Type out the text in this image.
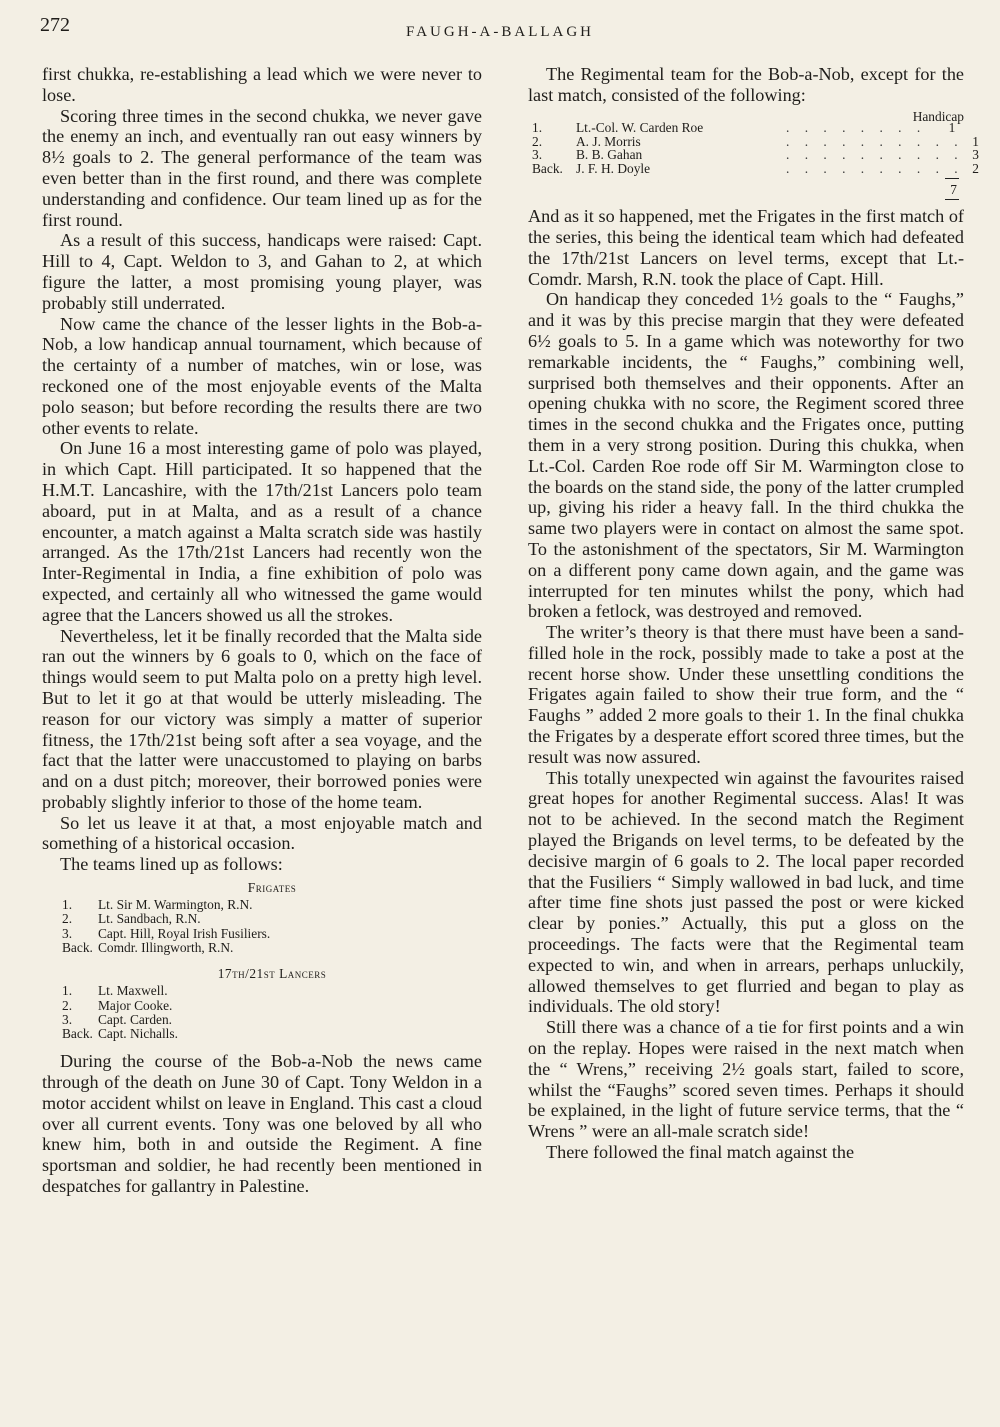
272	FAUGH-A-BALLAGH

first chukka, re-establishing a lead which we were never to lose.

Scoring three times in the second chukka, we never gave the enemy an inch, and eventually ran out easy winners by 8½ goals to 2. The general performance of the team was even better than in the first round, and there was complete understanding and confidence. Our team lined up as for the first round.

As a result of this success, handicaps were raised: Capt. Hill to 4, Capt. Weldon to 3, and Gahan to 2, at which figure the latter, a most promising young player, was probably still underrated.

Now came the chance of the lesser lights in the Bob-a-Nob, a low handicap annual tournament, which because of the certainty of a number of matches, win or lose, was reckoned one of the most enjoyable events of the Malta polo season; but before recording the results there are two other events to relate.

On June 16 a most interesting game of polo was played, in which Capt. Hill participated. It so happened that the H.M.T. Lancashire, with the 17th/21st Lancers polo team aboard, put in at Malta, and as a result of a chance encounter, a match against a Malta scratch side was hastily arranged. As the 17th/21st Lancers had recently won the Inter-Regimental in India, a fine exhibition of polo was expected, and certainly all who witnessed the game would agree that the Lancers showed us all the strokes.

Nevertheless, let it be finally recorded that the Malta side ran out the winners by 6 goals to 0, which on the face of things would seem to put Malta polo on a pretty high level. But to let it go at that would be utterly misleading. The reason for our victory was simply a matter of superior fitness, the 17th/21st being soft after a sea voyage, and the fact that the latter were unaccustomed to playing on barbs and on a dust pitch; moreover, their borrowed ponies were probably slightly inferior to those of the home team.

So let us leave it at that, a most enjoyable match and something of a historical occasion.

The teams lined up as follows:

Frigates
1.	Lt. Sir M. Warmington, R.N.
2.	Lt. Sandbach, R.N.
3.	Capt. Hill, Royal Irish Fusiliers.
Back. Comdr. Illingworth, R.N.
17th/21st Lancers
1.	Lt. Maxwell.
2.	Major Cooke.
3.	Capt. Carden.
Back. Capt. Nichalls.

During the course of the Bob-a-Nob the news came through of the death on June 30 of Capt. Tony Weldon in a motor accident whilst on leave in England. This cast a cloud over all current events. Tony was one beloved by all who knew him, both in and outside the Regiment. A fine sportsman and soldier, he had recently been mentioned in despatches for gallantry in Palestine.

The Regimental team for the Bob-a-Nob, except for the last match, consisted of the following:

Handicap
1.	Lt.-Col. W. Carden Roe	. . . . . . . .	1
2.	A. J. Morris	. . . . . . . . . . 1
3.	B. B. Gahan	. . . . . . . . . . 3
Back. J. F. H. Doyle	. . . . . . . . . . 2
7

And as it so happened, met the Frigates in the first match of the series, this being the identical team which had defeated the 17th/21st Lancers on level terms, except that Lt.-Comdr. Marsh, R.N. took the place of Capt. Hill.

On handicap they conceded 1½ goals to the “ Faughs,” and it was by this precise margin that they were defeated 6½ goals to 5. In a game which was noteworthy for two remarkable incidents, the “ Faughs,” combining well, surprised both themselves and their opponents. After an opening chukka with no score, the Regiment scored three times in the second chukka and the Frigates once, putting them in a very strong position. During this chukka, when Lt.-Col. Carden Roe rode off Sir M. Warmington close to the boards on the stand side, the pony of the latter crumpled up, giving his rider a heavy fall. In the third chukka the same two players were in contact on almost the same spot. To the astonishment of the spectators, Sir M. Warmington on a different pony came down again, and the game was interrupted for ten minutes whilst the pony, which had broken a fetlock, was destroyed and removed.

The writer’s theory is that there must have been a sand-filled hole in the rock, possibly made to take a post at the recent horse show. Under these unsettling conditions the Frigates again failed to show their true form, and the “ Faughs ” added 2 more goals to their 1. In the final chukka the Frigates by a desperate effort scored three times, but the result was now assured.

This totally unexpected win against the favourites raised great hopes for another Regimental success. Alas! It was not to be achieved. In the second match the Regiment played the Brigands on level terms, to be defeated by the decisive margin of 6 goals to 2. The local paper recorded that the Fusiliers “ Simply wallowed in bad luck, and time after time fine shots just passed the post or were kicked clear by ponies.” Actually, this put a gloss on the proceedings. The facts were that the Regimental team expected to win, and when in arrears, perhaps unluckily, allowed themselves to get flurried and began to play as individuals. The old story!

Still there was a chance of a tie for first points and a win on the replay. Hopes were raised in the next match when the “ Wrens,” receiving 2½ goals start, failed to score, whilst the “Faughs” scored seven times. Perhaps it should be explained, in the light of future service terms, that the “ Wrens ” were an all-male scratch side!

There followed the final match against the
